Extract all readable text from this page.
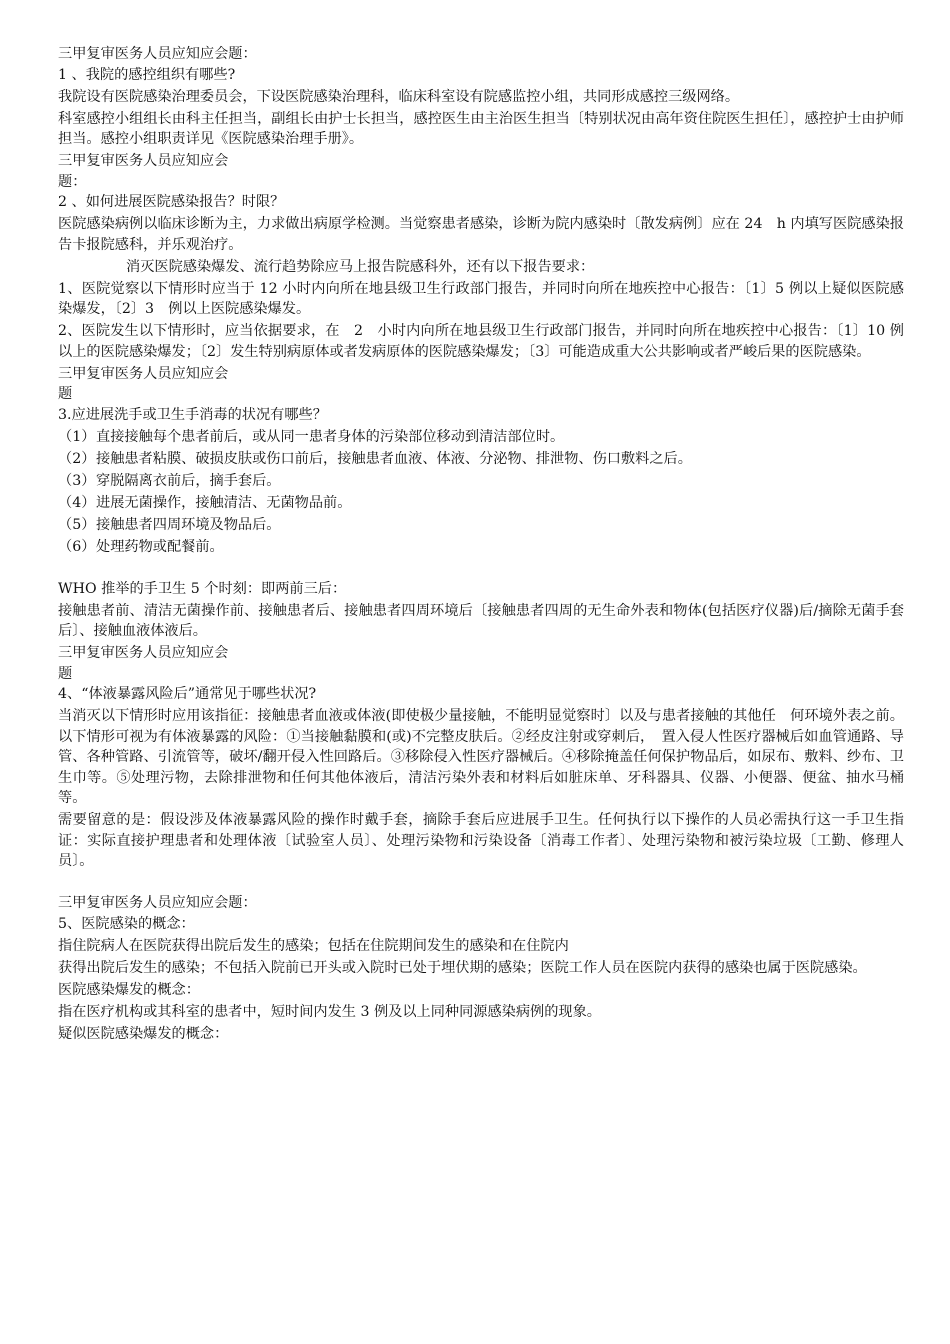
三甲复审医务人员应知应会题：

1 、我院的感控组织有哪些?

我院设有医院感染治理委员会，下设医院感染治理科，临床科室设有院感监控小组，共同形成感控三级网络。

科室感控小组组长由科主任担当，副组长由护士长担当，感控医生由主治医生担当〔特别状况由高年资住院医生担任〕，感控护士由护师担当。感控小组职责详见《医院感染治理手册》。

三甲复审医务人员应知应会

题：

2 、如何进展医院感染报告？时限？

医院感染病例以临床诊断为主，力求做出病原学检测。当觉察患者感染，诊断为院内感染时〔散发病例〕应在 24　h 内填写医院感染报告卡报院感科，并乐观治疗。

消灭医院感染爆发、流行趋势除应马上报告院感科外，还有以下报告要求：

1、医院觉察以下情形时应当于 12 小时内向所在地县级卫生行政部门报告，并同时向所在地疾控中心报告：〔1〕5 例以上疑似医院感染爆发，〔2〕3　例以上医院感染爆发。

2、医院发生以下情形时，应当依据要求，在　2　小时内向所在地县级卫生行政部门报告，并同时向所在地疾控中心报告：〔1〕10 例以上的医院感染爆发；〔2〕发生特别病原体或者发病原体的医院感染爆发；〔3〕可能造成重大公共影响或者严峻后果的医院感染。

三甲复审医务人员应知应会

题

3.应进展洗手或卫生手消毒的状况有哪些？

（1）直接接触每个患者前后，或从同一患者身体的污染部位移动到清洁部位时。
（2）接触患者粘膜、破损皮肤或伤口前后，接触患者血液、体液、分泌物、排泄物、伤口敷料之后。
（3）穿脱隔离衣前后，摘手套后。
（4）进展无菌操作，接触清洁、无菌物品前。
（5）接触患者四周环境及物品后。
（6）处理药物或配餐前。

WHO 推举的手卫生 5 个时刻：即两前三后：

接触患者前、清洁无菌操作前、接触患者后、接触患者四周环境后〔接触患者四周的无生命外表和物体(包括医疗仪器)后/摘除无菌手套后〕、接触血液体液后。

三甲复审医务人员应知应会

题

4、“体液暴露风险后”通常见于哪些状况?

当消灭以下情形时应用该指征：接触患者血液或体液(即使极少量接触，不能明显觉察时〕以及与患者接触的其他任　何环境外表之前。以下情形可视为有体液暴露的风险：①当接触黏膜和(或)不完整皮肤后。②经皮注射或穿刺后，　置入侵人性医疗器械后如血管通路、导管、各种管路、引流管等，破坏/翻开侵入性回路后。③移除侵入性医疗器械后。④移除掩盖任何保护物品后，如尿布、敷料、纱布、卫生巾等。⑤处理污物，去除排泄物和任何其他体液后，清洁污染外表和材料后如脏床单、牙科器具、仪器、小便器、便盆、抽水马桶等。

需要留意的是：假设涉及体液暴露风险的操作时戴手套，摘除手套后应进展手卫生。任何执行以下操作的人员必需执行这一手卫生指证：实际直接护理患者和处理体液〔试验室人员〕、处理污染物和污染设备〔消毒工作者〕、处理污染物和被污染垃圾〔工勤、修理人员〕。

三甲复审医务人员应知应会题：

5、医院感染的概念：

指住院病人在医院获得出院后发生的感染；包括在住院期间发生的感染和在住院内

获得出院后发生的感染；不包括入院前已开头或入院时已处于埋伏期的感染；医院工作人员在医院内获得的感染也属于医院感染。

医院感染爆发的概念：

指在医疗机构或其科室的患者中，短时间内发生 3 例及以上同种同源感染病例的现象。

疑似医院感染爆发的概念：
